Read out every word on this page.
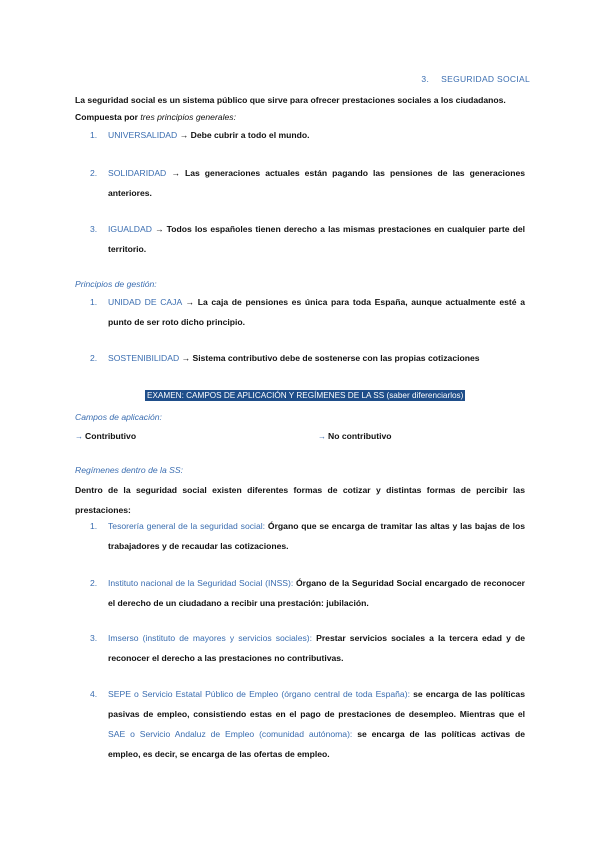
3. SEGURIDAD SOCIAL
La seguridad social es un sistema público que sirve para ofrecer prestaciones sociales a los ciudadanos.
Compuesta por tres principios generales:
1. UNIVERSALIDAD → Debe cubrir a todo el mundo.
2. SOLIDARIDAD → Las generaciones actuales están pagando las pensiones de las generaciones anteriores.
3. IGUALDAD → Todos los españoles tienen derecho a las mismas prestaciones en cualquier parte del territorio.
Principios de gestión:
1. UNIDAD DE CAJA → La caja de pensiones es única para toda España, aunque actualmente esté a punto de ser roto dicho principio.
2. SOSTENIBILIDAD → Sistema contributivo debe de sostenerse con las propias cotizaciones
EXAMEN: CAMPOS DE APLICACIÓN Y REGÍMENES DE LA SS (saber diferenciarlos)
Campos de aplicación:
→ Contributivo	→ No contributivo
Regímenes dentro de la SS:
Dentro de la seguridad social existen diferentes formas de cotizar y distintas formas de percibir las prestaciones:
1. Tesorería general de la seguridad social: Órgano que se encarga de tramitar las altas y las bajas de los trabajadores y de recaudar las cotizaciones.
2. Instituto nacional de la Seguridad Social (INSS): Órgano de la Seguridad Social encargado de reconocer el derecho de un ciudadano a recibir una prestación: jubilación.
3. Imserso (instituto de mayores y servicios sociales): Prestar servicios sociales a la tercera edad y de reconocer el derecho a las prestaciones no contributivas.
4. SEPE o Servicio Estatal Público de Empleo (órgano central de toda España): se encarga de las políticas pasivas de empleo, consistiendo estas en el pago de prestaciones de desempleo. Mientras que el SAE o Servicio Andaluz de Empleo (comunidad autónoma): se encarga de las políticas activas de empleo, es decir, se encarga de las ofertas de empleo.
